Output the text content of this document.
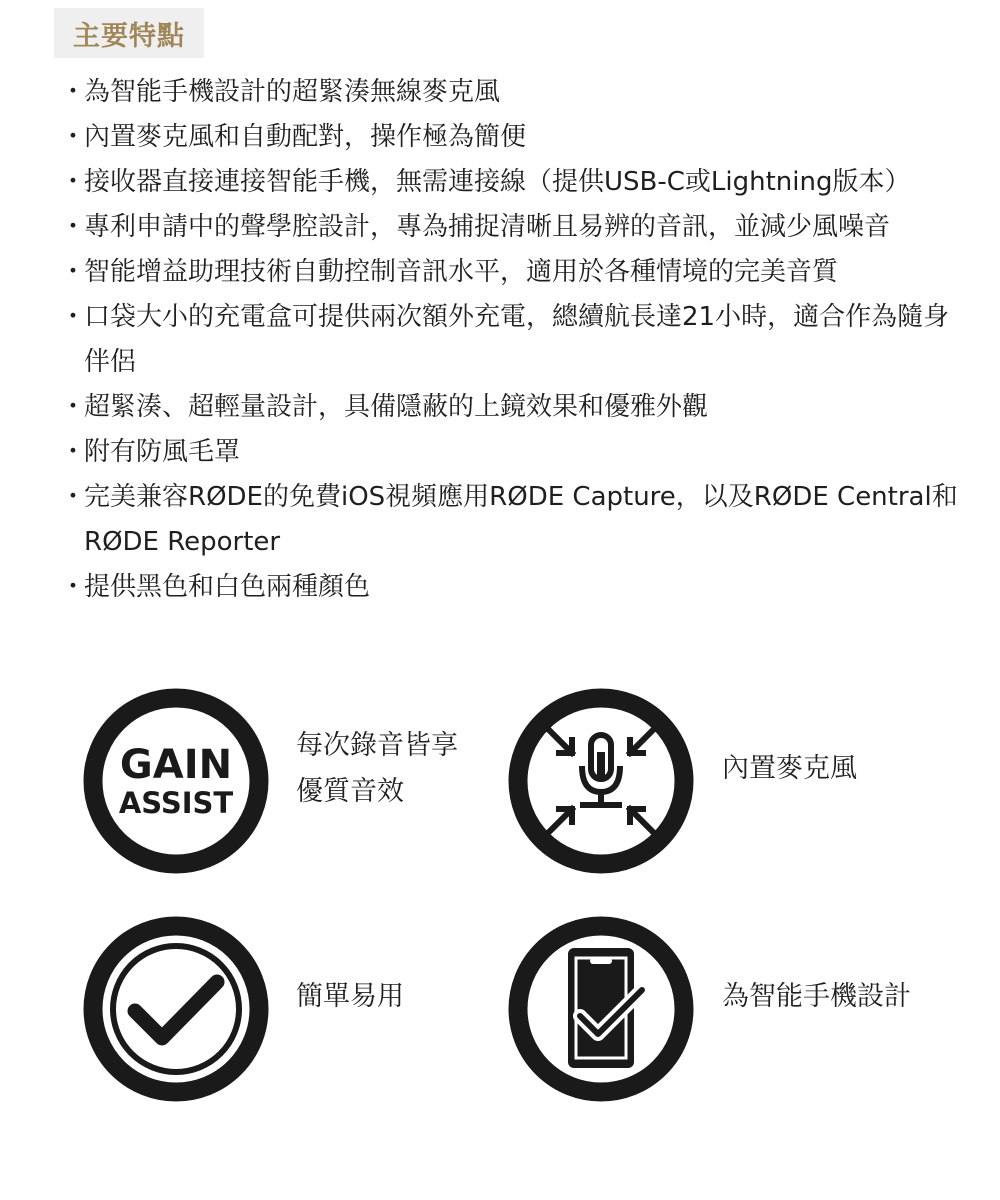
主要特點
・
為智能手機設計的超緊湊無線麥克風
・
內置麥克風和自動配對，操作極為簡便
・
接收器直接連接智能手機，無需連接線（提供USB-C或Lightning版本）
・
專利申請中的聲學腔設計，專為捕捉清晰且易辨的音訊，並減少風噪音
・
智能增益助理技術自動控制音訊水平，適用於各種情境的完美音質
・
口袋大小的充電盒可提供兩次額外充電，總續航長達21小時，適合作為隨身伴侶
・
超緊湊、超輕量設計，具備隱蔽的上鏡效果和優雅外觀
・
附有防風毛罩
・
完美兼容RØDE的免費iOS視頻應用RØDE Capture，以及RØDE Central和RØDE Reporter
・
提供黑色和白色兩種顏色
GAIN
ASSIST
每次錄音皆享
優質音效
內置麥克風
簡單易用	為智能手機設計
